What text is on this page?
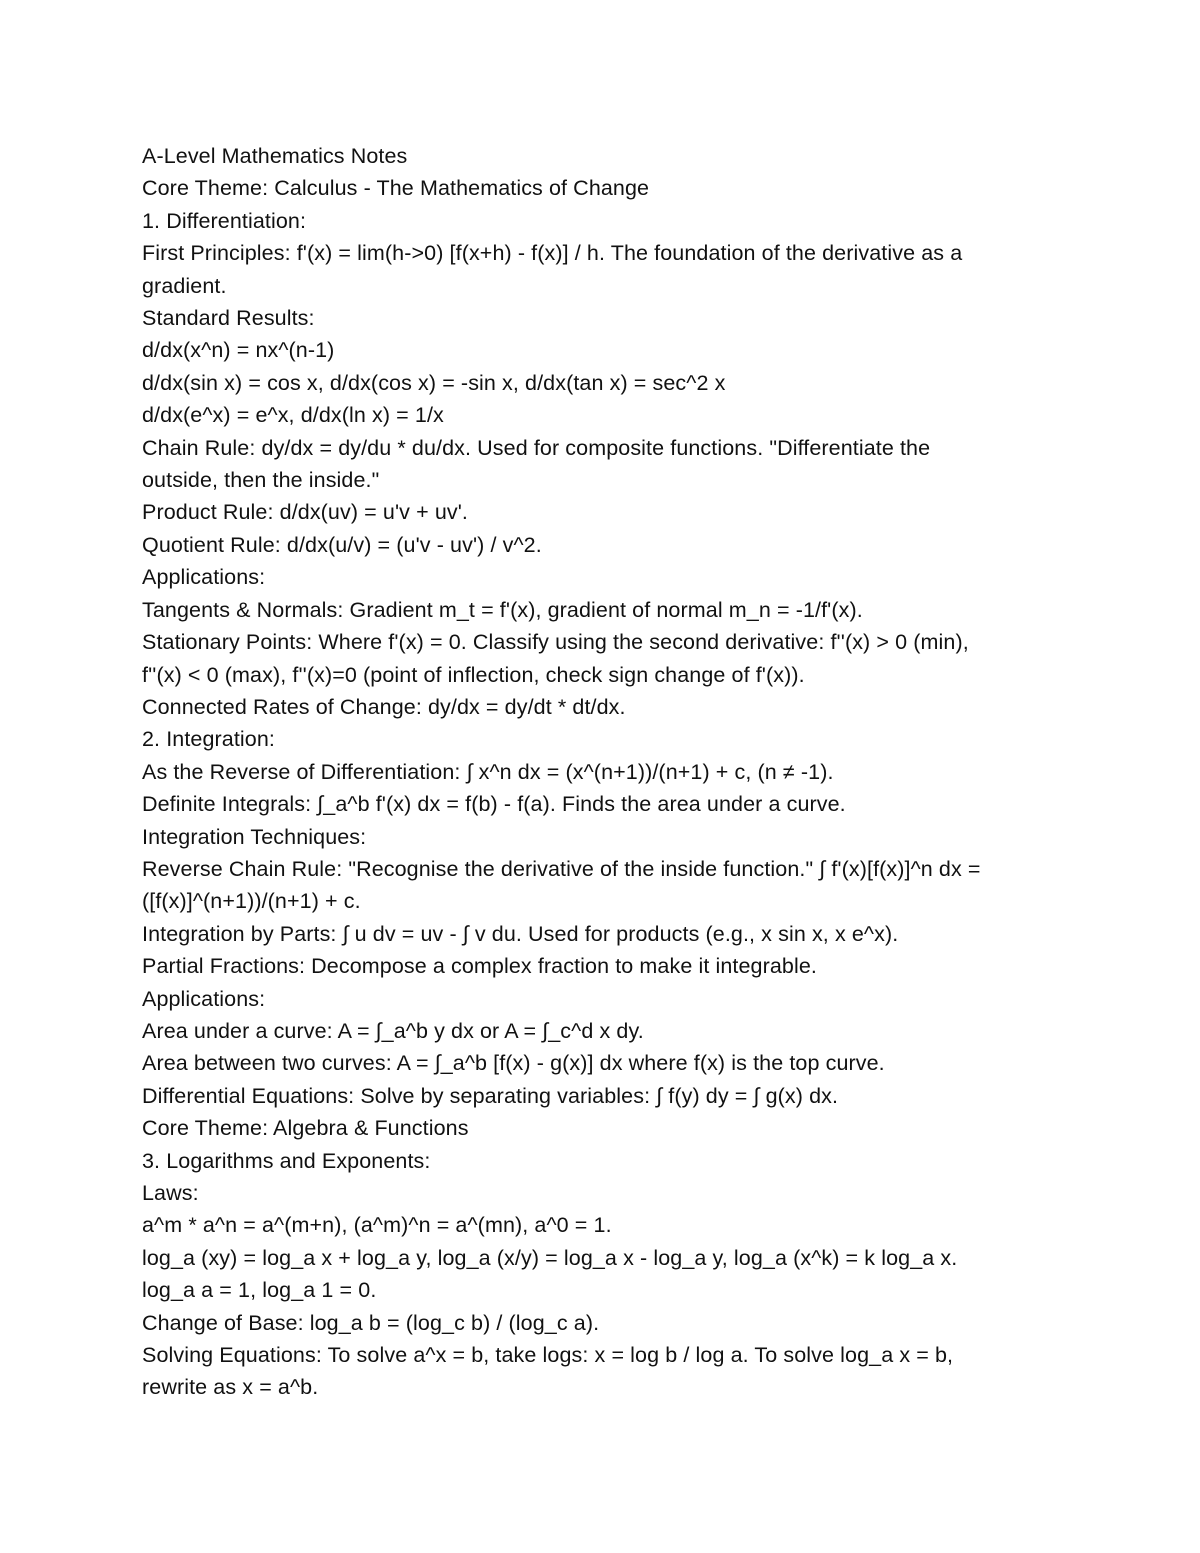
A-Level Mathematics Notes
Core Theme: Calculus - The Mathematics of Change
1. Differentiation:
First Principles: f'(x) = lim(h->0) [f(x+h) - f(x)] / h. The foundation of the derivative as a
gradient.
Standard Results:
d/dx(x^n) = nx^(n-1)
d/dx(sin x) = cos x, d/dx(cos x) = -sin x, d/dx(tan x) = sec^2 x
d/dx(e^x) = e^x, d/dx(ln x) = 1/x
Chain Rule: dy/dx = dy/du * du/dx. Used for composite functions. "Differentiate the
outside, then the inside."
Product Rule: d/dx(uv) = u'v + uv'.
Quotient Rule: d/dx(u/v) = (u'v - uv') / v^2.
Applications:
Tangents & Normals: Gradient m_t = f'(x), gradient of normal m_n = -1/f'(x).
Stationary Points: Where f'(x) = 0. Classify using the second derivative: f''(x) > 0 (min),
f''(x) < 0 (max), f''(x)=0 (point of inflection, check sign change of f'(x)).
Connected Rates of Change: dy/dx = dy/dt * dt/dx.
2. Integration:
As the Reverse of Differentiation: ∫ x^n dx = (x^(n+1))/(n+1) + c, (n ≠ -1).
Definite Integrals: ∫_a^b f'(x) dx = f(b) - f(a). Finds the area under a curve.
Integration Techniques:
Reverse Chain Rule: "Recognise the derivative of the inside function." ∫ f'(x)[f(x)]^n dx =
([f(x)]^(n+1))/(n+1) + c.
Integration by Parts: ∫ u dv = uv - ∫ v du. Used for products (e.g., x sin x, x e^x).
Partial Fractions: Decompose a complex fraction to make it integrable.
Applications:
Area under a curve: A = ∫_a^b y dx or A = ∫_c^d x dy.
Area between two curves: A = ∫_a^b [f(x) - g(x)] dx where f(x) is the top curve.
Differential Equations: Solve by separating variables: ∫ f(y) dy = ∫ g(x) dx.
Core Theme: Algebra & Functions
3. Logarithms and Exponents:
Laws:
a^m * a^n = a^(m+n), (a^m)^n = a^(mn), a^0 = 1.
log_a (xy) = log_a x + log_a y, log_a (x/y) = log_a x - log_a y, log_a (x^k) = k log_a x.
log_a a = 1, log_a 1 = 0.
Change of Base: log_a b = (log_c b) / (log_c a).
Solving Equations: To solve a^x = b, take logs: x = log b / log a. To solve log_a x = b,
rewrite as x = a^b.
